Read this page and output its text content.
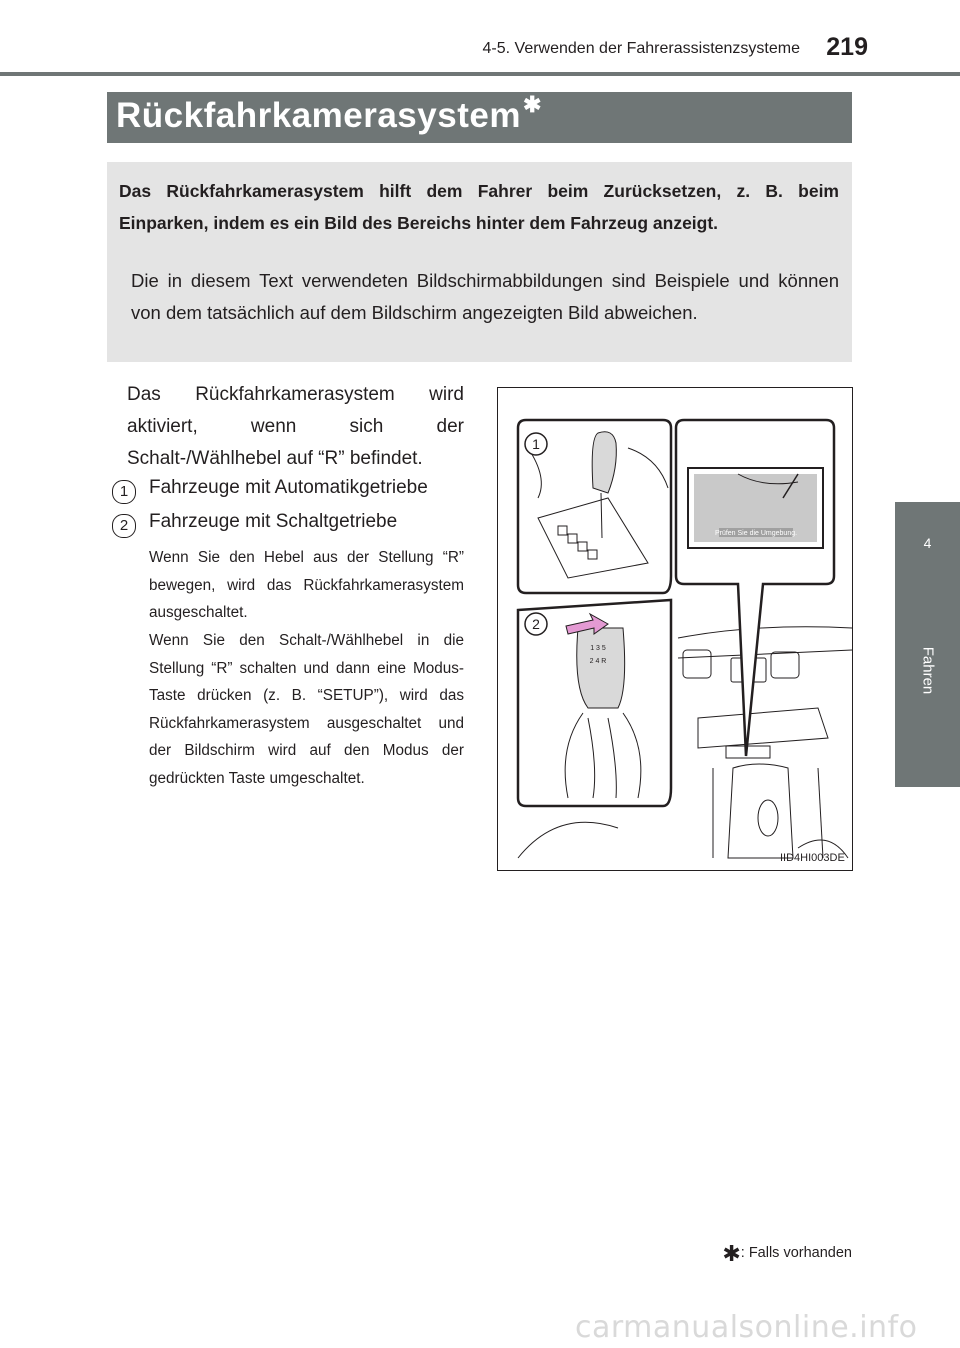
4-5. Verwenden der Fahrerassistenzsysteme	219
4
Fahren
Rückfahrkamerasystem✱
Das Rückfahrkamerasystem hilft dem Fahrer beim Zurücksetzen, z. B. beim Einparken, indem es ein Bild des Bereichs hinter dem Fahrzeug anzeigt.
Die in diesem Text verwendeten Bildschirmabbildungen sind Beispiele und können von dem tatsächlich auf dem Bildschirm angezeigten Bild abweichen.
Das Rückfahrkamerasystem wird aktiviert, wenn sich der Schalt-/Wählhebel auf “R” befindet.
1	Fahrzeuge mit Automatikgetriebe
2	Fahrzeuge mit Schaltgetriebe
Wenn Sie den Hebel aus der Stellung “R” bewegen, wird das Rückfahrkamerasystem ausgeschaltet.
Wenn Sie den Schalt-/Wählhebel in die Stellung “R” schalten und dann eine Modus-Taste drücken (z. B. “SETUP”), wird das Rückfahrkamerasystem ausgeschaltet und der Bildschirm wird auf den Modus der gedrückten Taste umgeschaltet.
Prüfen Sie die Umgebung.
1 3 5
2 4 R
1
2
IID4HI003DE
✱: Falls vorhanden
carmanualsonline.info
